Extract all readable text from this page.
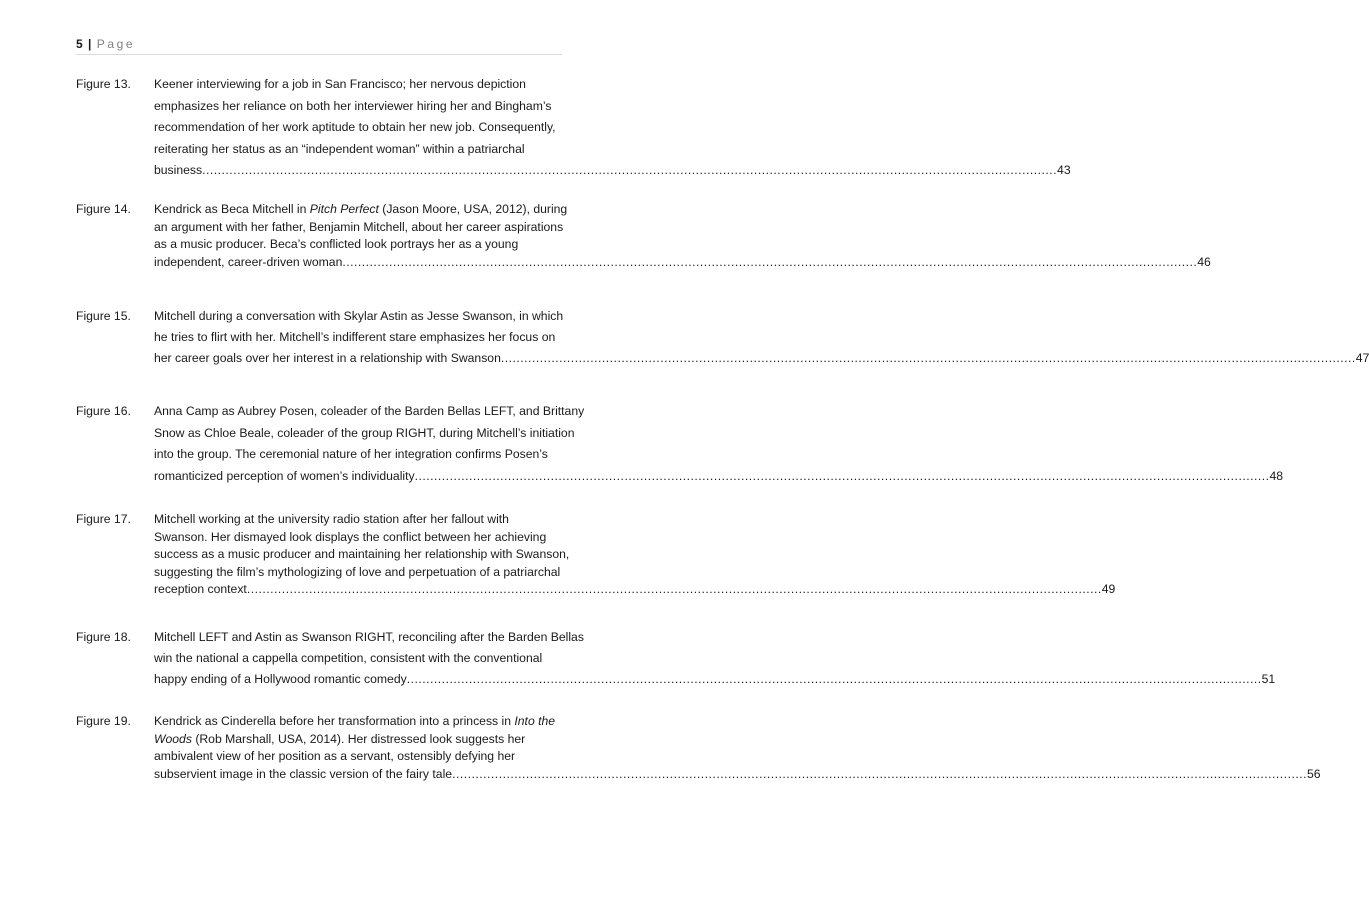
5 | Page
Figure 13.	Keener interviewing for a job in San Francisco; her nervous depiction
emphasizes her reliance on both her interviewer hiring her and Bingham’s
recommendation of her work aptitude to obtain her new job. Consequently,
reiterating her status as an “independent woman” within a patriarchal
business ............................................................................................................................................................................................................................ 43
Figure 14.	Kendrick as Beca Mitchell in Pitch Perfect (Jason Moore, USA, 2012), during
an argument with her father, Benjamin Mitchell, about her career aspirations
as a music producer. Beca’s conflicted look portrays her as a young
independent, career-driven woman ............................................................................................................................................................................................................................ 46
Figure 15.	Mitchell during a conversation with Skylar Astin as Jesse Swanson, in which
he tries to flirt with her. Mitchell’s indifferent stare emphasizes her focus on
her career goals over her interest in a relationship with Swanson ............................................................................................................................................................................................................................ 47
Figure 16.	Anna Camp as Aubrey Posen, coleader of the Barden Bellas LEFT, and Brittany
Snow as Chloe Beale, coleader of the group RIGHT, during Mitchell’s initiation
into the group. The ceremonial nature of her integration confirms Posen’s
romanticized perception of women’s individuality ............................................................................................................................................................................................................................ 48
Figure 17.	Mitchell working at the university radio station after her fallout with
Swanson. Her dismayed look displays the conflict between her achieving
success as a music producer and maintaining her relationship with Swanson,
suggesting the film’s mythologizing of love and perpetuation of a patriarchal
reception context ............................................................................................................................................................................................................................ 49
Figure 18.	Mitchell LEFT and Astin as Swanson RIGHT, reconciling after the Barden Bellas
win the national a cappella competition, consistent with the conventional
happy ending of a Hollywood romantic comedy ............................................................................................................................................................................................................................ 51
Figure 19.	Kendrick as Cinderella before her transformation into a princess in Into the
Woods (Rob Marshall, USA, 2014). Her distressed look suggests her
ambivalent view of her position as a servant, ostensibly defying her
subservient image in the classic version of the fairy tale ............................................................................................................................................................................................................................ 56
